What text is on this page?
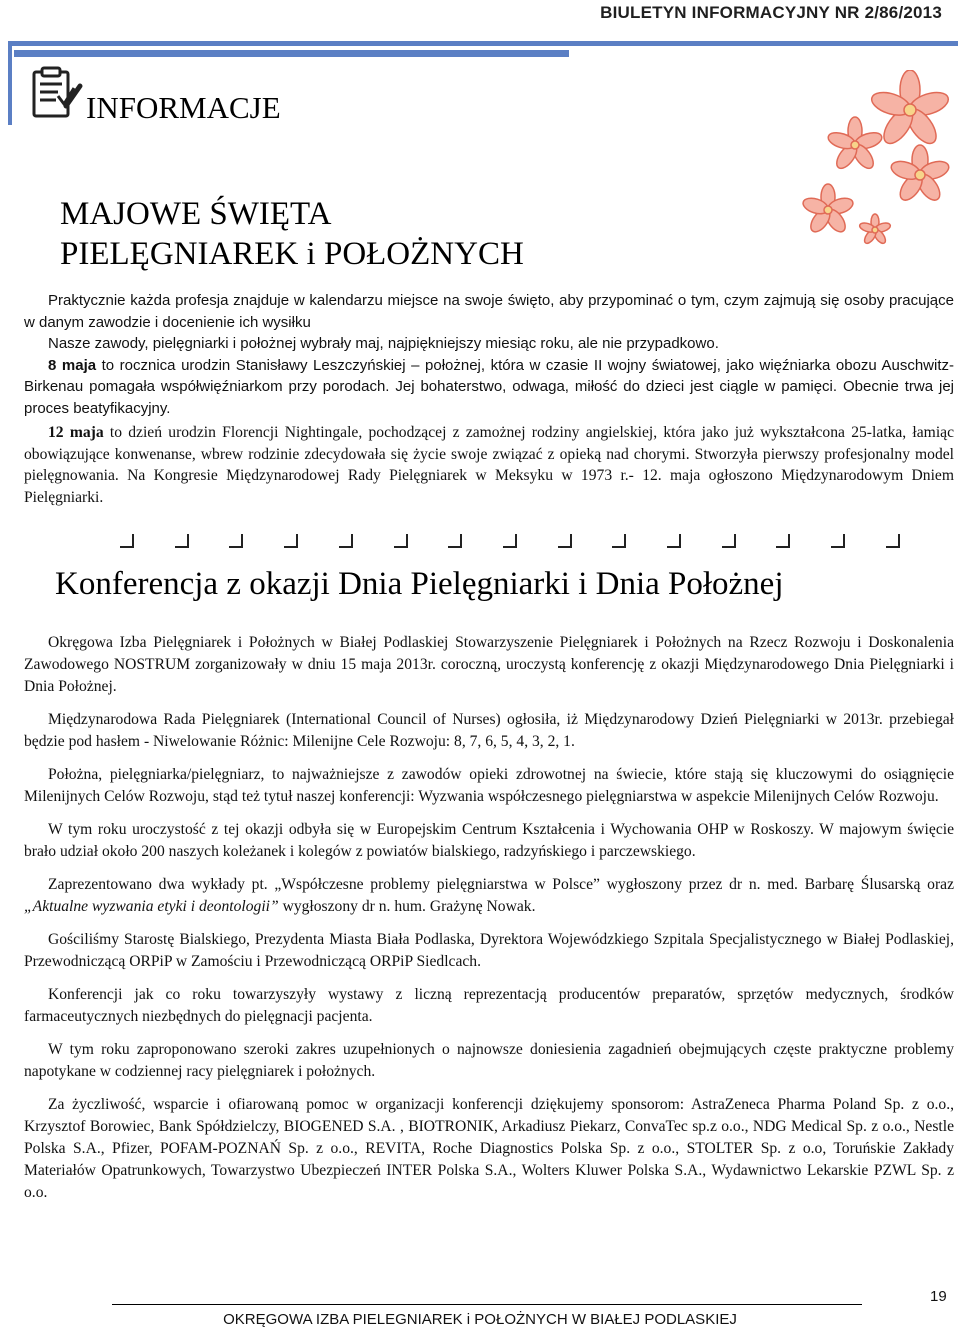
BIULETYN INFORMACYJNY NR 2/86/2013
INFORMACJE
MAJOWE ŚWIĘTA
PIELĘGNIAREK i POŁOŻNYCH

Praktycznie każda profesja znajduje w kalendarzu miejsce na swoje święto, aby przypominać o tym, czym zajmują się osoby pracujące w danym zawodzie i docenienie ich wysiłku

Nasze zawody, pielęgniarki i położnej wybrały maj, najpiękniejszy miesiąc roku, ale nie przypadkowo.

8 maja to rocznica urodzin Stanisławy Leszczyńskiej – położnej, która w czasie II wojny światowej, jako więźniarka obozu Auschwitz- Birkenau pomagała współwięźniarkom przy porodach. Jej bohaterstwo, odwaga, miłość do dzieci jest ciągle w pamięci. Obecnie trwa jej proces beatyfikacyjny.

12 maja to dzień urodzin Florencji Nightingale, pochodzącej z zamożnej rodziny angielskiej, która jako już wykształcona 25-latka, łamiąc obowiązujące konwenanse, wbrew rodzinie zdecydowała się życie swoje związać z opieką nad chorymi. Stworzyła pierwszy profesjonalny model pielęgnowania. Na Kongresie Międzynarodowej Rady Pielęgniarek w Meksyku w 1973 r.- 12. maja ogłoszono Międzynarodowym Dniem Pielęgniarki.

Konferencja z okazji Dnia Pielęgniarki i Dnia Położnej

Okręgowa Izba Pielęgniarek i Położnych w Białej Podlaskiej Stowarzyszenie Pielęgniarek i Położnych na Rzecz Rozwoju i Doskonalenia Zawodowego NOSTRUM zorganizowały w dniu 15 maja 2013r. coroczną, uroczystą konferencję z okazji Międzynarodowego Dnia Pielęgniarki i Dnia Położnej.

Międzynarodowa Rada Pielęgniarek (International Council of Nurses) ogłosiła, iż Międzynarodowy Dzień Pielęgniarki w 2013r. przebiegał będzie pod hasłem - Niwelowanie Różnic: Milenijne Cele Rozwoju: 8, 7, 6, 5, 4, 3, 2, 1.

Położna, pielęgniarka/pielęgniarz, to najważniejsze z zawodów opieki zdrowotnej na świecie, które stają się kluczowymi do osiągnięcie Milenijnych Celów Rozwoju, stąd też tytuł naszej konferencji: Wyzwania współczesnego pielęgniarstwa w aspekcie Milenijnych Celów Rozwoju.

W tym roku uroczystość z tej okazji odbyła się w Europejskim Centrum Kształcenia i Wychowania OHP w Roskoszy. W majowym święcie brało udział około 200 naszych koleżanek i kolegów z powiatów bialskiego, radzyńskiego i parczewskiego.

Zaprezentowano dwa wykłady pt. „Współczesne problemy pielęgniarstwa w Polsce” wygłoszony przez dr n. med. Barbarę Ślusarską oraz „Aktualne wyzwania etyki i deontologii” wygłoszony dr n. hum. Grażynę Nowak.

Gościliśmy Starostę Bialskiego, Prezydenta Miasta Biała Podlaska, Dyrektora Wojewódzkiego Szpitala Specjalistycznego w Białej Podlaskiej, Przewodniczącą ORPiP w Zamościu i Przewodniczącą ORPiP Siedlcach.

Konferencji jak co roku towarzyszyły wystawy z liczną reprezentacją producentów preparatów, sprzętów medycznych, środków farmaceutycznych niezbędnych do pielęgnacji pacjenta.

W tym roku zaproponowano szeroki zakres uzupełnionych o najnowsze doniesienia zagadnień obejmujących częste praktyczne problemy napotykane w codziennej racy pielęgniarek i położnych.

Za życzliwość, wsparcie i ofiarowaną pomoc w organizacji konferencji dziękujemy sponsorom: AstraZeneca Pharma Poland Sp. z o.o., Krzysztof Borowiec, Bank Spółdzielczy, BIOGENED S.A. , BIOTRONIK, Arkadiusz Piekarz, ConvaTec sp.z o.o., NDG Medical Sp. z o.o., Nestle Polska S.A., Pfizer, POFAM-POZNAŃ Sp. z o.o., REVITA, Roche Diagnostics Polska Sp. z o.o., STOLTER Sp. z o.o, Toruńskie Zakłady Materiałów Opatrunkowych, Towarzystwo Ubezpieczeń INTER Polska S.A., Wolters Kluwer Polska S.A., Wydawnictwo Lekarskie PZWL Sp. z o.o.

19
OKRĘGOWA IZBA PIELEGNIAREK i POŁOŻNYCH W BIAŁEJ PODLASKIEJ
